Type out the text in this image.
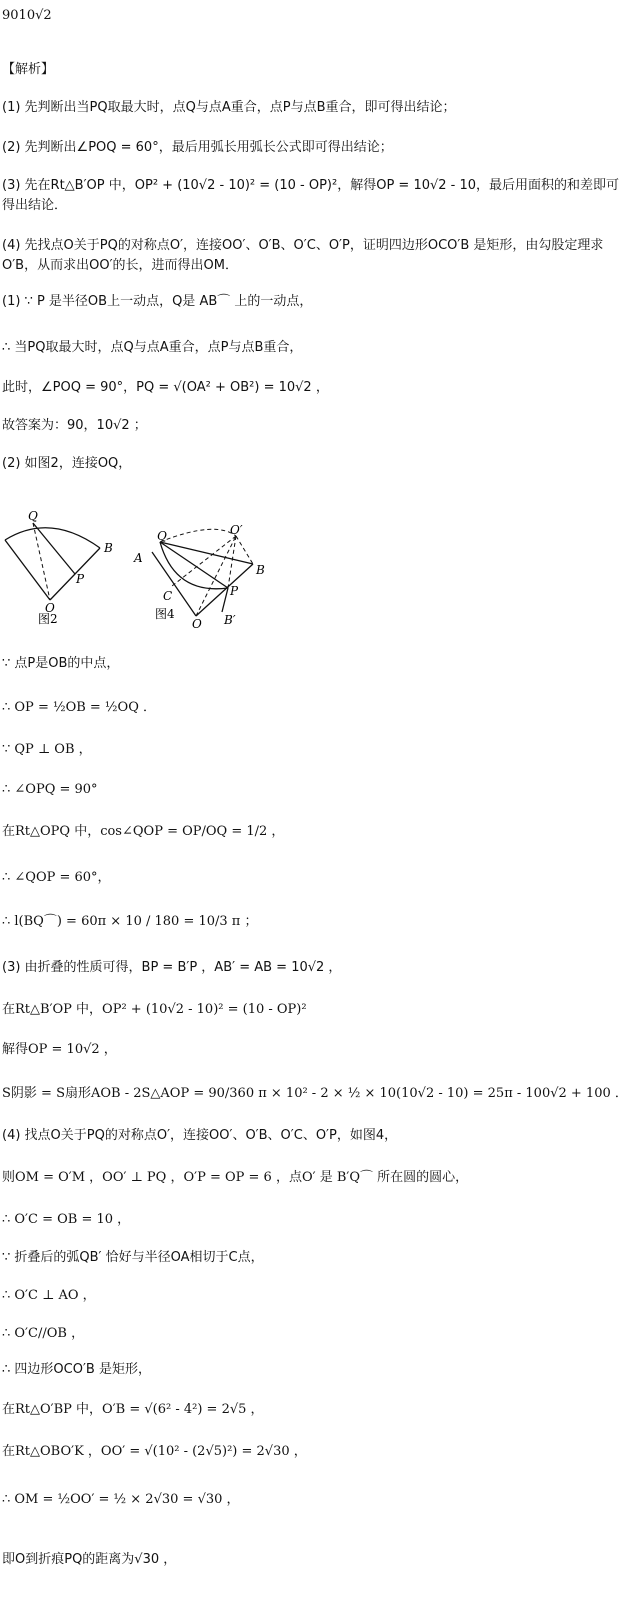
9010√2
【解析】
(1) 先判断出当PQ取最大时，点Q与点A重合，点P与点B重合，即可得出结论；
(2) 先判断出∠POQ = 60°，最后用弧长用弧长公式即可得出结论；
(3) 先在Rt△B′OP 中，OP² + (10√2 - 10)² = (10 - OP)²，解得OP = 10√2 - 10，最后用面积的和差即可得出结论．
(4) 先找点O关于PQ的对称点O′，连接OO′、O′B、O′C、O′P，证明四边形OCO′B 是矩形，由勾股定理求O′B，从而求出OO′的长，进而得出OM．
(1) ∵ P 是半径OB上一动点，Q是 AB⌒ 上的一动点，
∴ 当PQ取最大时，点Q与点A重合，点P与点B重合，
此时，∠POQ = 90°，PQ = √(OA² + OB²) = 10√2 ，
故答案为：90，10√2 ；
(2) 如图2，连接OQ，
Q
B
P
O
图2
Q	O′
A
B
P
C
O B′
图4
∵ 点P是OB的中点，
∴ OP = ½OB = ½OQ ．
∵ QP ⊥ OB ，
∴ ∠OPQ = 90°
在Rt△OPQ 中，cos∠QOP = OP/OQ = 1/2 ，
∴ ∠QOP = 60°，
∴ l(BQ⌒) = 60π × 10 / 180 = 10/3 π ；
(3) 由折叠的性质可得，BP = B′P ，AB′ = AB = 10√2 ，
在Rt△B′OP 中，OP² + (10√2 - 10)² = (10 - OP)²
解得OP = 10√2 ，
S阴影 = S扇形AOB - 2S△AOP = 90/360 π × 10² - 2 × ½ × 10(10√2 - 10) = 25π - 100√2 + 100 ．
(4) 找点O关于PQ的对称点O′，连接OO′、O′B、O′C、O′P，如图4，
则OM = O′M ，OO′ ⊥ PQ ，O′P = OP = 6 ，点O′ 是 B′Q⌒ 所在圆的圆心，
∴ O′C = OB = 10 ，
∵ 折叠后的弧QB′ 恰好与半径OA相切于C点，
∴ O′C ⊥ AO ，
∴ O′C//OB ，
∴ 四边形OCO′B 是矩形，
在Rt△O′BP 中，O′B = √(6² - 4²) = 2√5 ，
在Rt△OBO′K ，OO′ = √(10² - (2√5)²) = 2√30 ，
∴ OM = ½OO′ = ½ × 2√30 = √30 ，
即O到折痕PQ的距离为√30 ，
